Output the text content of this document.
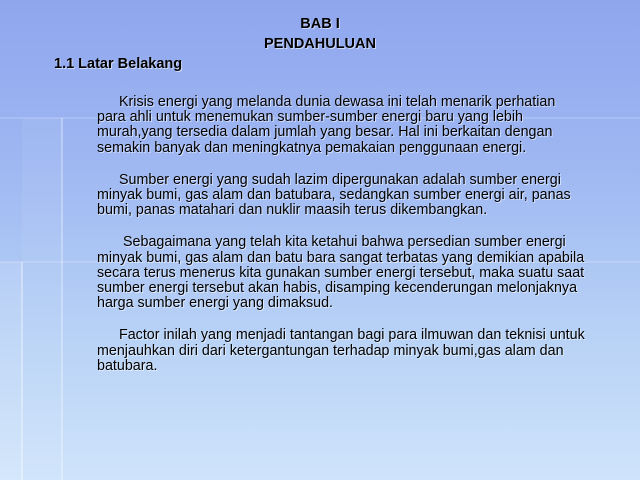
BAB I
PENDAHULUAN
1.1 Latar Belakang

Krisis energi yang melanda dunia dewasa ini telah menarik perhatian para ahli untuk menemukan sumber-sumber energi baru yang lebih murah,yang tersedia dalam jumlah yang besar. Hal ini berkaitan dengan semakin banyak dan meningkatnya pemakaian penggunaan energi.

Sumber energi yang sudah lazim dipergunakan adalah sumber energi minyak bumi, gas alam dan batubara, sedangkan sumber energi air, panas bumi, panas matahari dan nuklir maasih terus dikembangkan.

Sebagaimana yang telah kita ketahui bahwa persedian sumber energi minyak bumi, gas alam dan batu bara sangat terbatas yang demikian apabila secara terus menerus kita gunakan sumber energi tersebut, maka suatu saat sumber energi tersebut akan habis, disamping kecenderungan melonjaknya harga sumber energi yang dimaksud.

Factor inilah yang menjadi tantangan bagi para ilmuwan dan teknisi untuk menjauhkan diri dari ketergantungan terhadap minyak bumi,gas alam dan batubara.
